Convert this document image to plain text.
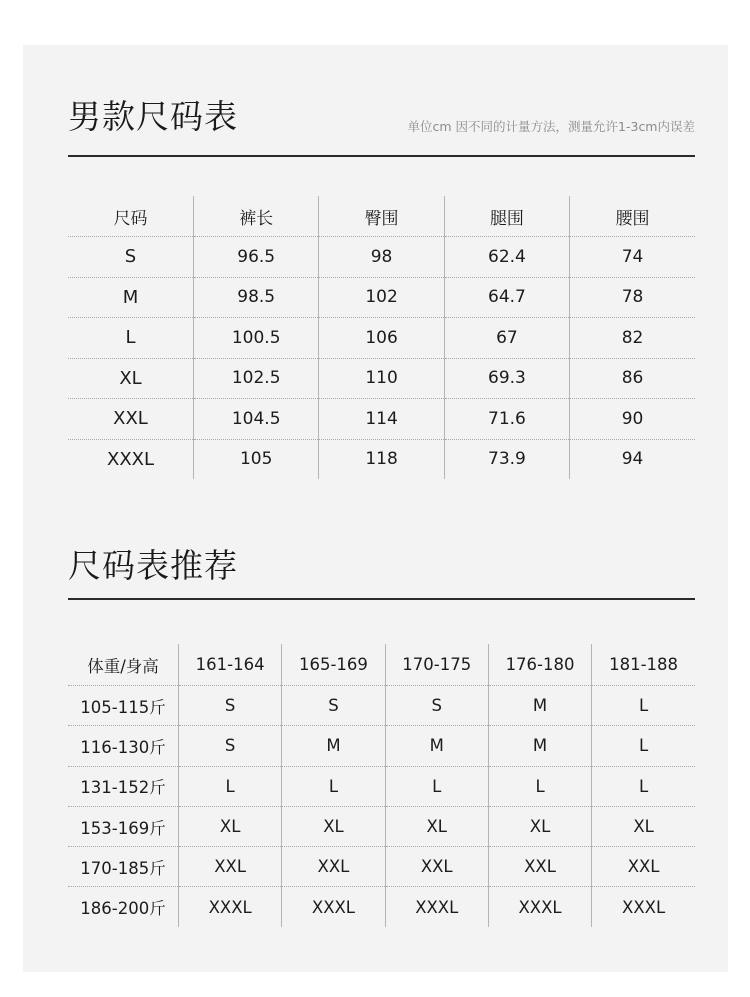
男款尺码表	单位cm 因不同的计量方法，测量允许1-3cm内误差
尺码	裤长	臀围	腿围	腰围
S	96.5	98	62.4	74
M	98.5	102	64.7	78
L	100.5	106	67	82
XL	102.5	110	69.3	86
XXL	104.5	114	71.6	90
XXXL	105	118	73.9	94
尺码表推荐
体重/身高	161-164	165-169	170-175	176-180	181-188
105-115斤	S	S	S	M	L
116-130斤	S	M	M	M	L
131-152斤	L	L	L	L	L
153-169斤	XL	XL	XL	XL	XL
170-185斤	XXL	XXL	XXL	XXL	XXL
186-200斤	XXXL	XXXL	XXXL	XXXL	XXXL
